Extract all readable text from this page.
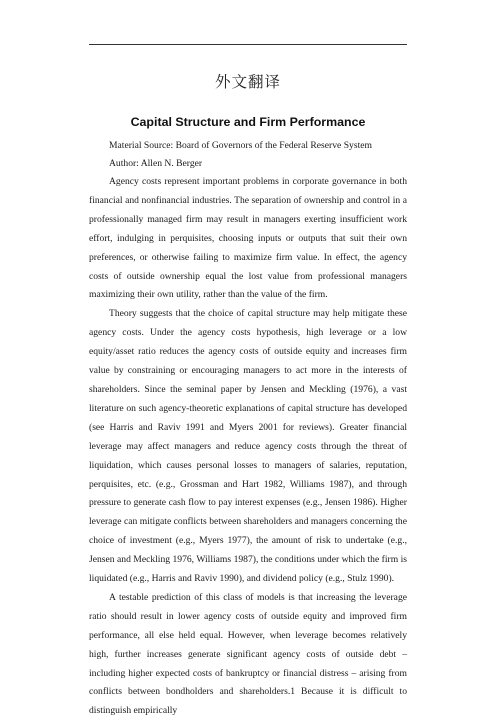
外文翻译
Capital Structure and Firm Performance
Material Source: Board of Governors of the Federal Reserve System
Author: Allen N. Berger

Agency costs represent important problems in corporate governance in both financial and nonfinancial industries. The separation of ownership and control in a professionally managed firm may result in managers exerting insufficient work effort, indulging in perquisites, choosing inputs or outputs that suit their own preferences, or otherwise failing to maximize firm value. In effect, the agency costs of outside ownership equal the lost value from professional managers maximizing their own utility, rather than the value of the firm.

Theory suggests that the choice of capital structure may help mitigate these agency costs. Under the agency costs hypothesis, high leverage or a low equity/asset ratio reduces the agency costs of outside equity and increases firm value by constraining or encouraging managers to act more in the interests of shareholders. Since the seminal paper by Jensen and Meckling (1976), a vast literature on such agency-theoretic explanations of capital structure has developed (see Harris and Raviv 1991 and Myers 2001 for reviews). Greater financial leverage may affect managers and reduce agency costs through the threat of liquidation, which causes personal losses to managers of salaries, reputation, perquisites, etc. (e.g., Grossman and Hart 1982, Williams 1987), and through pressure to generate cash flow to pay interest expenses (e.g., Jensen 1986). Higher leverage can mitigate conflicts between shareholders and managers concerning the choice of investment (e.g., Myers 1977), the amount of risk to undertake (e.g., Jensen and Meckling 1976, Williams 1987), the conditions under which the firm is liquidated (e.g., Harris and Raviv 1990), and dividend policy (e.g., Stulz 1990).

A testable prediction of this class of models is that increasing the leverage ratio should result in lower agency costs of outside equity and improved firm performance, all else held equal. However, when leverage becomes relatively high, further increases generate significant agency costs of outside debt – including higher expected costs of bankruptcy or financial distress – arising from conflicts between bondholders and shareholders.1 Because it is difficult to distinguish empirically
